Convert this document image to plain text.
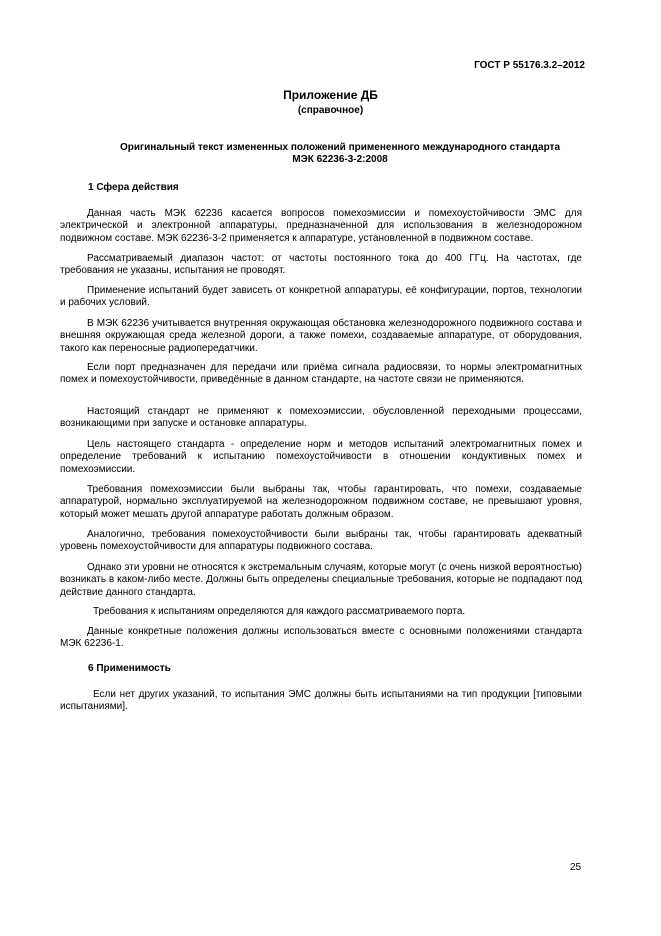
ГОСТ Р 55176.3.2–2012
Приложение ДБ
(справочное)
Оригинальный текст измененных положений примененного международного стандарта
МЭК 62236-3-2:2008
1 Сфера действия

Данная часть МЭК 62236 касается вопросов помехоэмиссии и помехоустойчивости ЭМС для электрической и электронной аппаратуры, предназначенной для использования в железнодорожном подвижном составе. МЭК 62236-3-2 применяется к аппаратуре, установленной в подвижном составе.

Рассматриваемый диапазон частот: от частоты постоянного тока до 400 ГГц. На частотах, где требования не указаны, испытания не проводят.

Применение испытаний будет зависеть от конкретной аппаратуры, её конфигурации, портов, технологии и рабочих условий.

В МЭК 62236 учитывается внутренняя окружающая обстановка железнодорожного подвижного состава и внешняя окружающая среда железной дороги, а также помехи, создаваемые аппаратуре, от оборудования, такого как переносные радиопередатчики.

Если порт предназначен для передачи или приёма сигнала радиосвязи, то нормы электромагнитных помех и помехоустойчивости, приведённые в данном стандарте, на частоте связи не применяются.

Настоящий стандарт не применяют к помехоэмиссии, обусловленной переходными процессами, возникающими при запуске и остановке аппаратуры.

Цель настоящего стандарта - определение норм и методов испытаний электромагнитных помех и определение требований к испытанию помехоустойчивости в отношении кондуктивных помех и помехоэмиссии.

Требования помехоэмиссии были выбраны так, чтобы гарантировать, что помехи, создаваемые аппаратурой, нормально эксплуатируемой на железнодорожном подвижном составе, не превышают уровня, который может мешать другой аппаратуре работать должным образом.

Аналогично, требования помехоустойчивости были выбраны так, чтобы гарантировать адекватный уровень помехоустойчивости для аппаратуры подвижного состава.

Однако эти уровни не относятся к экстремальным случаям, которые могут (с очень низкой вероятностью) возникать в каком-либо месте. Должны быть определены специальные требования, которые не подпадают под действие данного стандарта.

Требования к испытаниям определяются для каждого рассматриваемого порта.

Данные конкретные положения должны использоваться вместе с основными положениями стандарта МЭК 62236-1.

6 Применимость

Если нет других указаний, то испытания ЭМС должны быть испытаниями на тип продукции [типовыми испытаниями].

25
